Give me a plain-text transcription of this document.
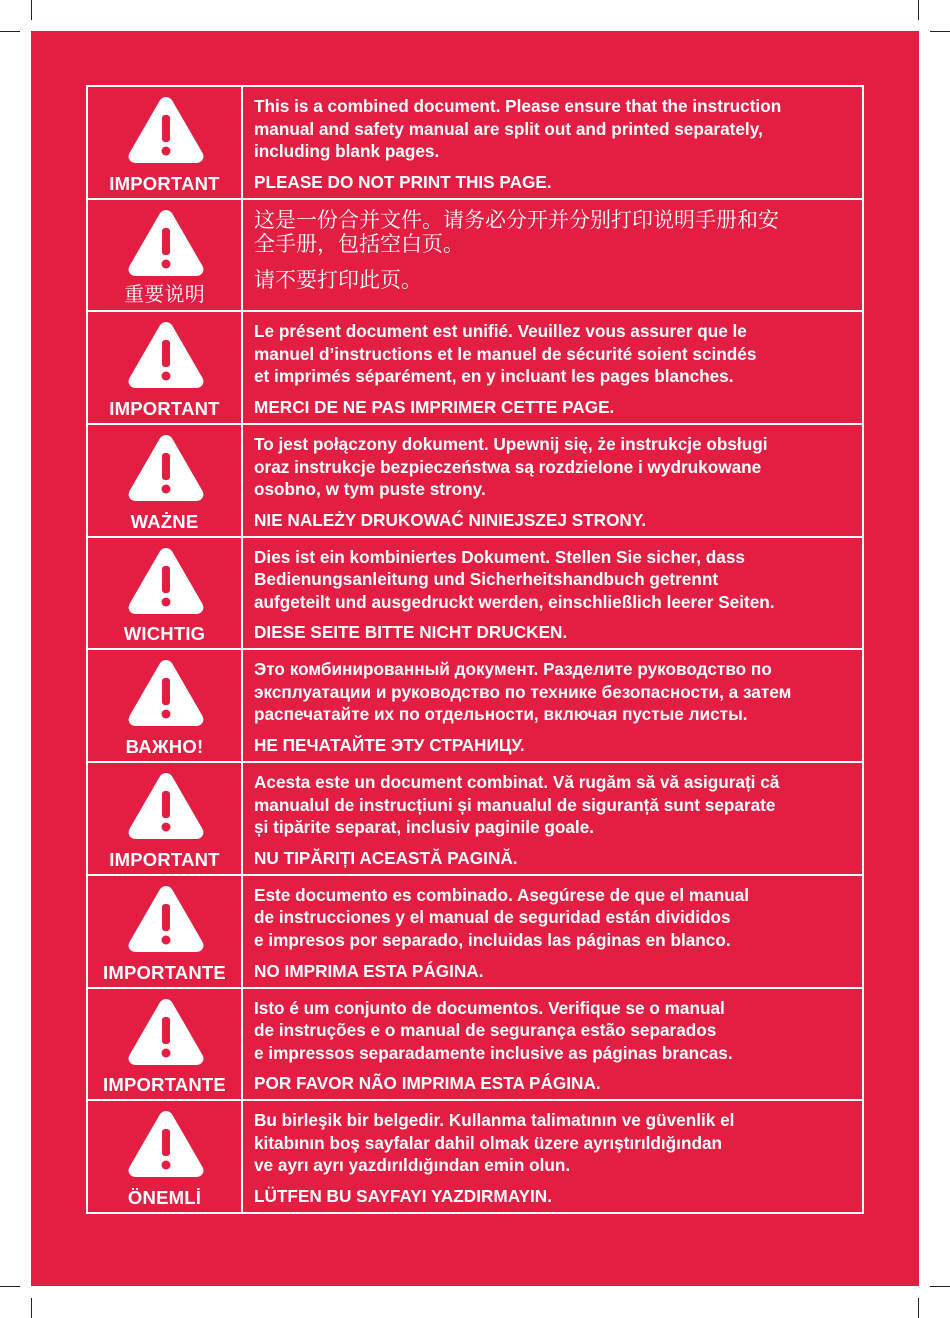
IMPORTANT
This is a combined document. Please ensure that the instruction
manual and safety manual are split out and printed separately,
including blank pages.
PLEASE DO NOT PRINT THIS PAGE.
重要说明
这是一份合并文件。请务必分开并分别打印说明手册和安
全手册，包括空白页。
请不要打印此页。
IMPORTANT
Le présent document est unifié. Veuillez vous assurer que le
manuel d’instructions et le manuel de sécurité soient scindés
et imprimés séparément, en y incluant les pages blanches.
MERCI DE NE PAS IMPRIMER CETTE PAGE.
WAŻNE
To jest połączony dokument. Upewnij się, że instrukcje obsługi
oraz instrukcje bezpieczeństwa są rozdzielone i wydrukowane
osobno, w tym puste strony.
NIE NALEŻY DRUKOWAĆ NINIEJSZEJ STRONY.
WICHTIG
Dies ist ein kombiniertes Dokument. Stellen Sie sicher, dass
Bedienungsanleitung und Sicherheitshandbuch getrennt
aufgeteilt und ausgedruckt werden, einschließlich leerer Seiten.
DIESE SEITE BITTE NICHT DRUCKEN.
ВАЖНО!
Это комбинированный документ. Разделите руководство по
эксплуатации и руководство по технике безопасности, а затем
распечатайте их по отдельности, включая пустые листы.
НЕ ПЕЧАТАЙТЕ ЭТУ СТРАНИЦУ.
IMPORTANT
Acesta este un document combinat. Vă rugăm să vă asigurați că
manualul de instrucțiuni și manualul de siguranță sunt separate
și tipărite separat, inclusiv paginile goale.
NU TIPĂRIȚI ACEASTĂ PAGINĂ.
IMPORTANTE
Este documento es combinado. Asegúrese de que el manual
de instrucciones y el manual de seguridad están divididos
e impresos por separado, incluidas las páginas en blanco.
NO IMPRIMA ESTA PÁGINA.
IMPORTANTE
Isto é um conjunto de documentos. Verifique se o manual
de instruções e o manual de segurança estão separados
e impressos separadamente inclusive as páginas brancas.
POR FAVOR NÃO IMPRIMA ESTA PÁGINA.
ÖNEMLİ
Bu birleşik bir belgedir. Kullanma talimatının ve güvenlik el
kitabının boş sayfalar dahil olmak üzere ayrıştırıldığından
ve ayrı ayrı yazdırıldığından emin olun.
LÜTFEN BU SAYFAYI YAZDIRMAYIN.
